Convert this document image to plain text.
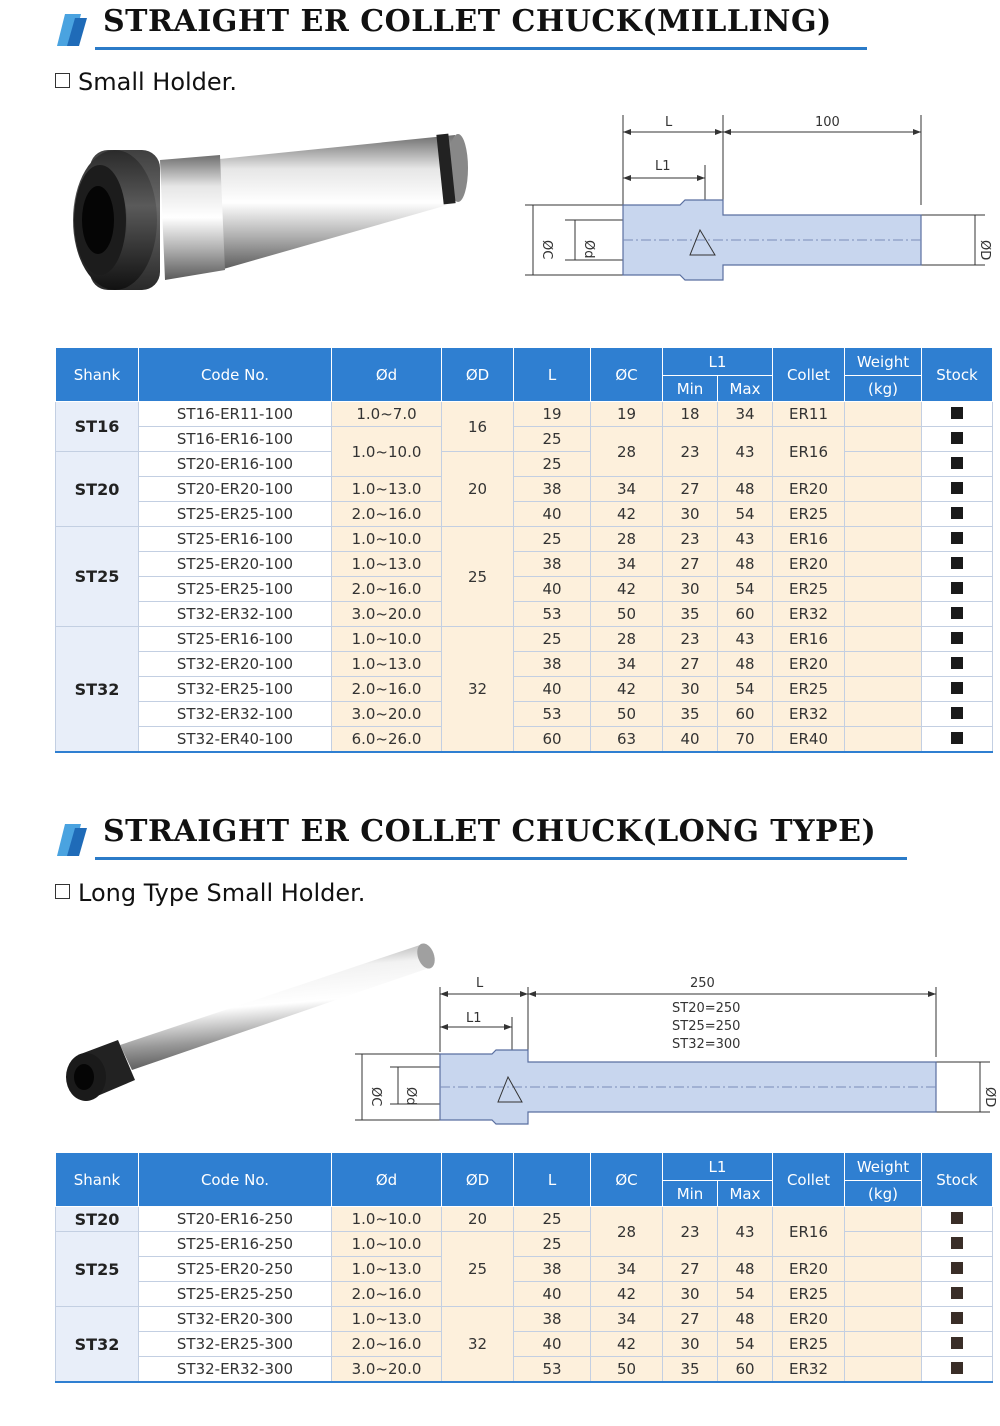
STRAIGHT ER COLLET CHUCK(MILLING)
Small Holder.
L	100
L1
ØC Ød	ØD
Shank	Code No.	Ød	ØD	L	ØC	L1		Collet	Weight	Stock
						Min	Max		(kg)	
ST16	ST16-ER11-100	1.0~7.0	16	19	19	18	34	ER11		
	ST16-ER16-100	1.0~10.0		25	28	23	43	ER16		
ST20	ST20-ER16-100		20	25						
	ST20-ER20-100	1.0~13.0		38	34	27	48	ER20		
	ST25-ER25-100	2.0~16.0		40	42	30	54	ER25		
ST25	ST25-ER16-100	1.0~10.0	25	25	28	23	43	ER16		
	ST25-ER20-100	1.0~13.0		38	34	27	48	ER20		
	ST25-ER25-100	2.0~16.0		40	42	30	54	ER25		
	ST32-ER32-100	3.0~20.0		53	50	35	60	ER32		
ST32	ST25-ER16-100	1.0~10.0	32	25	28	23	43	ER16		
	ST32-ER20-100	1.0~13.0		38	34	27	48	ER20		
	ST32-ER25-100	2.0~16.0		40	42	30	54	ER25		
	ST32-ER32-100	3.0~20.0		53	50	35	60	ER32		
	ST32-ER40-100	6.0~26.0		60	63	40	70	ER40		
STRAIGHT ER COLLET CHUCK(LONG TYPE)
Long Type Small Holder.
L	250
ST20=250
ST25=250
ST32=300
L1
ØC Ød	ØD
Shank	Code No.	Ød	ØD	L	ØC	L1		Collet	Weight	Stock
						Min	Max		(kg)	
ST20	ST20-ER16-250	1.0~10.0	20	25	28	23	43	ER16		
ST25	ST25-ER16-250	1.0~10.0	25	25						
	ST25-ER20-250	1.0~13.0		38	34	27	48	ER20		
	ST25-ER25-250	2.0~16.0		40	42	30	54	ER25		
ST32	ST32-ER20-300	1.0~13.0	32	38	34	27	48	ER20		
	ST32-ER25-300	2.0~16.0		40	42	30	54	ER25		
	ST32-ER32-300	3.0~20.0		53	50	35	60	ER32		
